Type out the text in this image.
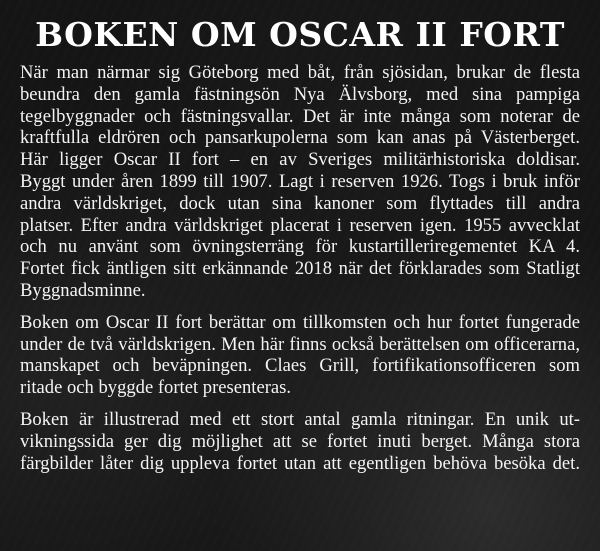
BOKEN OM OSCAR II FORT

När man närmar sig Göteborg med båt, från sjösidan, brukar de flesta
beundra den gamla fästningsön Nya Älvsborg, med sina pampiga
tegelbyggnader och fästningsvallar. Det är inte många som noterar de
kraftfulla eldrören och pansarkupolerna som kan anas på Västerberget.
Här ligger Oscar II fort – en av Sveriges militärhistoriska doldisar.
Byggt under åren 1899 till 1907. Lagt i reserven 1926. Togs i bruk inför
andra världskriget, dock utan sina kanoner som flyttades till andra
platser. Efter andra världskriget placerat i reserven igen. 1955 avvecklat
och nu använt som övningsterräng för kustartilleriregementet KA 4.
Fortet fick äntligen sitt erkännande 2018 när det förklarades som Statligt
Byggnadsminne.

Boken om Oscar II fort berättar om tillkomsten och hur fortet fungerade
under de två världskrigen. Men här finns också berättelsen om officerarna,
manskapet och beväpningen. Claes Grill, fortifikationsofficeren som
ritade och byggde fortet presenteras.

Boken är illustrerad med ett stort antal gamla ritningar. En unik ut-
vikningssida ger dig möjlighet att se fortet inuti berget. Många stora
färgbilder låter dig uppleva fortet utan att egentligen behöva besöka det.
